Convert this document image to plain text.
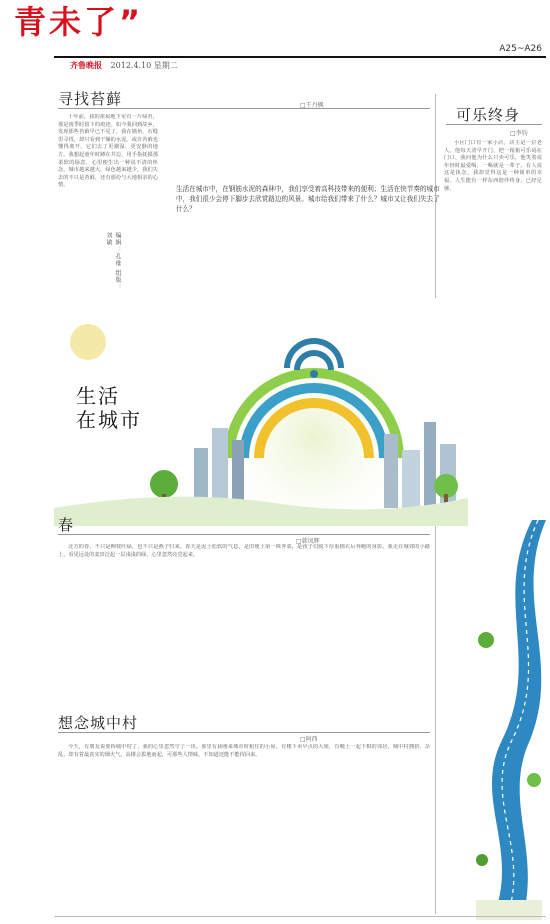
青未了”
A25~A26
齐鲁晚报 2012.4.10 星期二
寻找苔藓	□王丹枫

十年前，我的祖屋地下室有一片绿苔，那是雨季时留下的痕迹。如今我回到故乡，发现那些苔藓早已不见了。我在墙角、石缝里寻找，却只看到干燥的水泥。或许苔藓也懂得离开，它们去了更潮湿、更安静的地方。我想起童年时蹲在井边，用手指抚摸那柔软的绿意，心里便生出一种说不清的怀念。城市越来越大，绿色越来越少，我们失去的不只是苔藓，还有那份与大地相亲的心情。

编辑：孔维 组版：刘敏
可乐终身
□李钧

小区门口有一家小店，店主是一位老人。他每天清早开门，把一箱箱可乐码在门口。我问他为什么只卖可乐，他笑着说年轻时最爱喝，一喝就是一辈子。有人说这是执念，我却觉得这是一种简单的幸福。人生能有一样东西陪伴终身，已经足够。

生活
在城市
生活在城市中，在钢筋水泥的森林中，我们享受着高科技带来的便利；生活在快节奏的城市中，我们很少会停下脚步去欣赏路边的风景。城市给我们带来了什么？城市又让我们失去了什么？
春
□韩凤辉

北方的春，不只是柳枝吐绿，也不只是燕子归来。春天是泥土松软的气息，是田埂上第一株荠菜，是孩子们脱下厚重棉衣后奔跑的身影。我走在城郊的小路上，看见远处的麦田泛起一层浅浅的绿，心里忽然亮堂起来。

想念城中村
□阿西

今天，有朋友说要拆城中村了，我的心里忽然空了一块。那里有我刚来城市时租住的小屋，有楼下卖早点的大姐，有晚上一起下棋的邻居。城中村拥挤、杂乱，却有着最真实的烟火气。高楼会拔地而起，可那些人情味，不知道还能不能找回来。
